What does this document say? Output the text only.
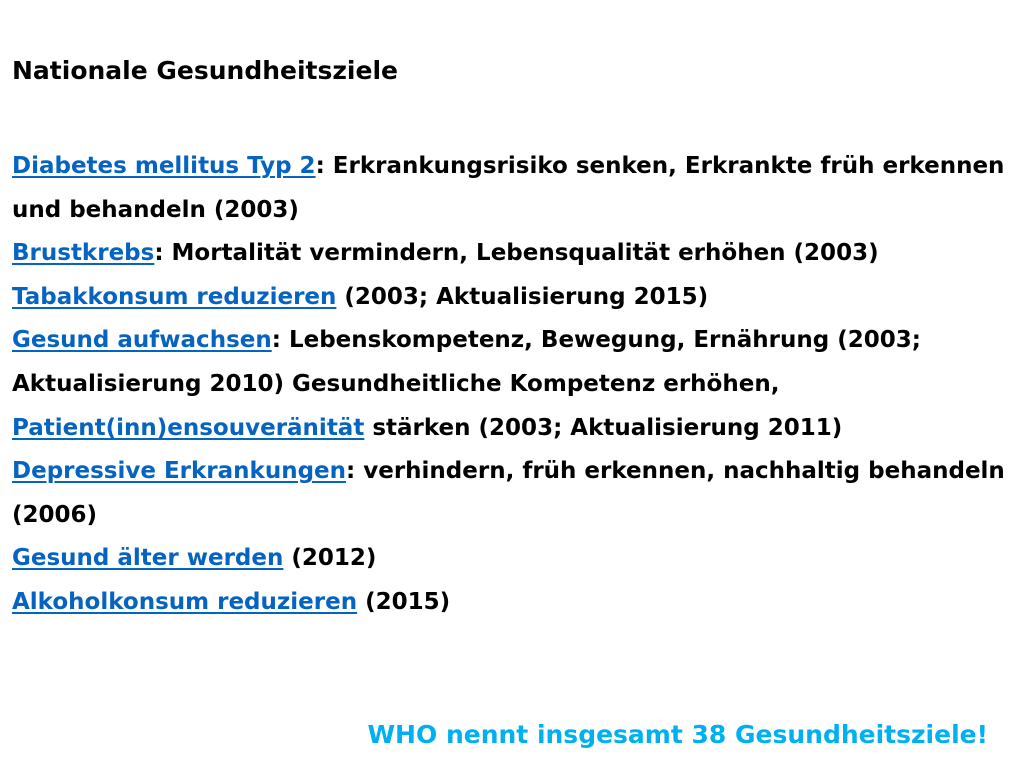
Nationale Gesundheitsziele
Diabetes mellitus Typ 2: Erkrankungsrisiko senken, Erkrankte früh erkennen und behandeln (2003)
Brustkrebs: Mortalität vermindern, Lebensqualität erhöhen (2003)
Tabakkonsum reduzieren (2003; Aktualisierung 2015)
Gesund aufwachsen: Lebenskompetenz, Bewegung, Ernährung (2003; Aktualisierung 2010) Gesundheitliche Kompetenz erhöhen,
Patient(inn)ensouveränität stärken (2003; Aktualisierung 2011)
Depressive Erkrankungen: verhindern, früh erkennen, nachhaltig behandeln (2006)
Gesund älter werden (2012)
Alkoholkonsum reduzieren (2015)
WHO nennt insgesamt 38 Gesundheitsziele!
